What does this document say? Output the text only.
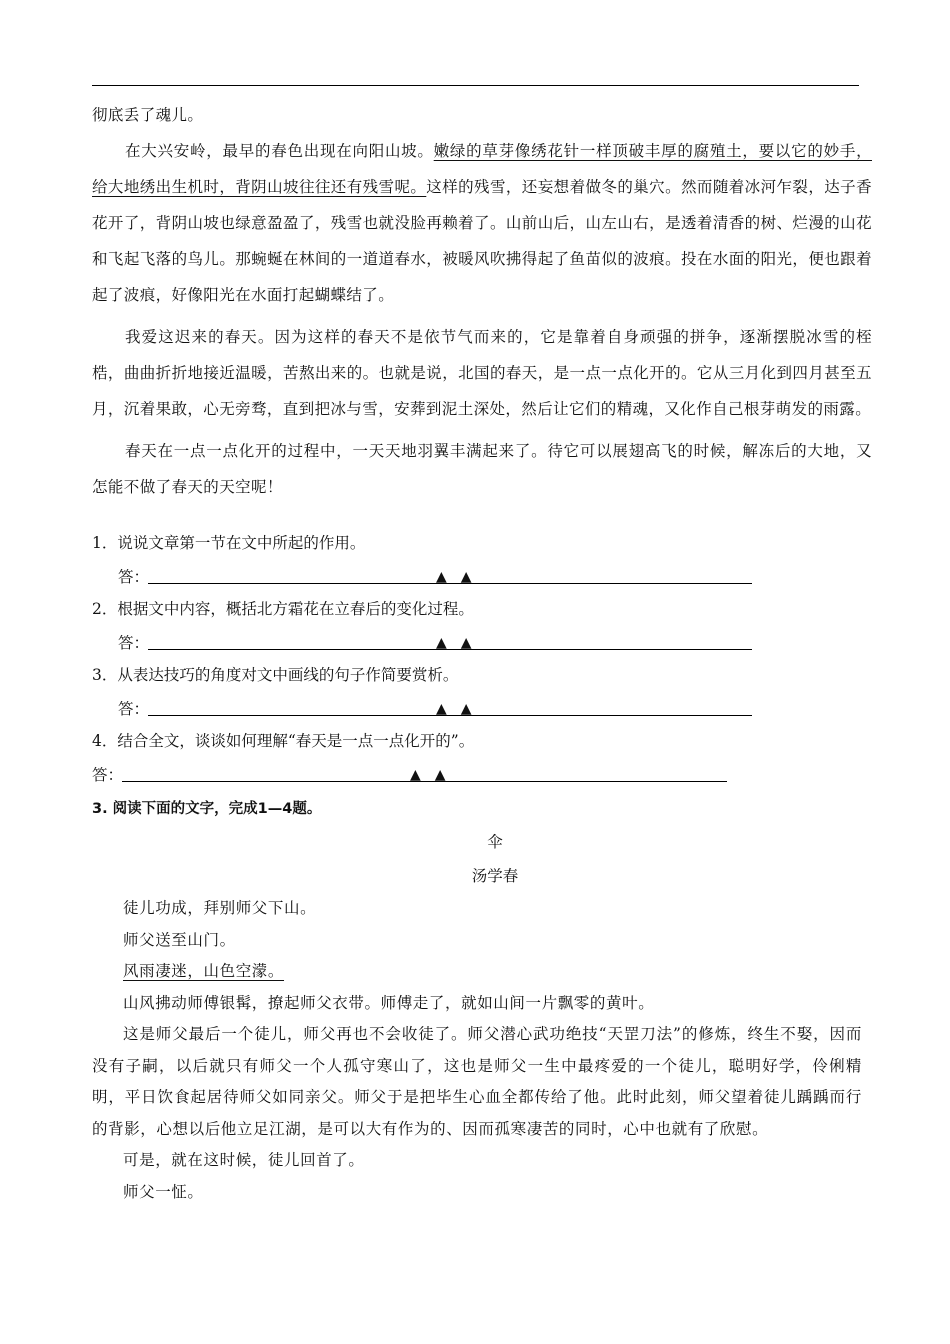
彻底丢了魂儿。

在大兴安岭，最早的春色出现在向阳山坡。嫩绿的草芽像绣花针一样顶破丰厚的腐殖土，要以它的妙手，给大地绣出生机时，背阴山坡往往还有残雪呢。这样的残雪，还妄想着做冬的巢穴。然而随着冰河乍裂，达子香花开了，背阴山坡也绿意盈盈了，残雪也就没脸再赖着了。山前山后，山左山右，是透着清香的树、烂漫的山花和飞起飞落的鸟儿。那蜿蜒在林间的一道道春水，被暖风吹拂得起了鱼苗似的波痕。投在水面的阳光，便也跟着起了波痕，好像阳光在水面打起蝴蝶结了。

我爱这迟来的春天。因为这样的春天不是依节气而来的，它是靠着自身顽强的拼争，逐渐摆脱冰雪的桎梏，曲曲折折地接近温暖，苦熬出来的。也就是说，北国的春天，是一点一点化开的。它从三月化到四月甚至五月，沉着果敢，心无旁骛，直到把冰与雪，安葬到泥土深处，然后让它们的精魂，又化作自己根芽萌发的雨露。

春天在一点一点化开的过程中，一天天地羽翼丰满起来了。待它可以展翅高飞的时候，解冻后的大地，又怎能不做了春天的天空呢！

1．说说文章第一节在文中所起的作用。
答：	▲▲
2．根据文中内容，概括北方霜花在立春后的变化过程。
答：	▲▲
3．从表达技巧的角度对文中画线的句子作简要赏析。
答：	▲▲
4．结合全文，谈谈如何理解“春天是一点一点化开的”。
答：	▲▲
3. 阅读下面的文字，完成1—4题。
伞
汤学春

徒儿功成，拜别师父下山。

师父送至山门。

风雨凄迷，山色空濛。

山风拂动师傅银髯，撩起师父衣带。师傅走了，就如山间一片飘零的黄叶。

这是师父最后一个徒儿，师父再也不会收徒了。师父潜心武功绝技“天罡刀法”的修炼，终生不娶，因而没有子嗣，以后就只有师父一个人孤守寒山了，这也是师父一生中最疼爱的一个徒儿，聪明好学，伶俐精明，平日饮食起居待师父如同亲父。师父于是把毕生心血全都传给了他。此时此刻，师父望着徒儿踽踽而行的背影，心想以后他立足江湖，是可以大有作为的、因而孤寒凄苦的同时，心中也就有了欣慰。

可是，就在这时候，徒儿回首了。

师父一怔。
